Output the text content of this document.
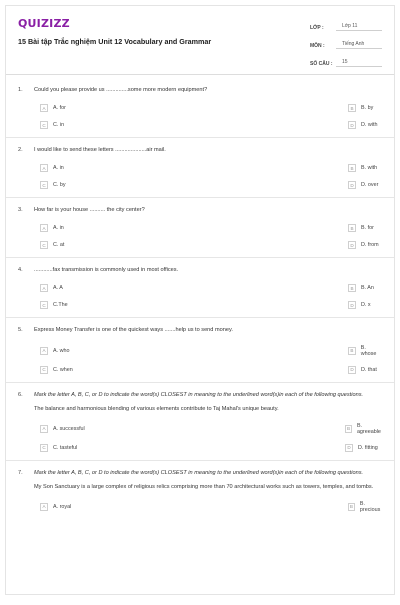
QUIZIZZ
15 Bài tập Trắc nghiệm Unit 12 Vocabulary and Grammar
LỚP :	Lớp 11
MÔN :	Tiếng Anh
SỐ CÂU :	15
1.	Could you please provide us ..............some more modern equipment?
A	A. for	B	B. by
C	C. in	D	D. with
2.	I would like to send these letters ....................air mail.
A	A. in	B	B. with
C	C. by	D	D. over
3.	How far is your house .......... the city center?
A	A. in	B	B. for
C	C. at	D	D. from
4.	............fax transmission is commonly used in most offices.
A	A. A	B	B. An
C	C.The	D	D. x
5.	Express Money Transfer is one of the quickest ways .......help us to send money.
A	A. who	B	B. whose
C	C. when	D	D. that
6.	Mark the letter A, B, C, or D to indicate the word(s) CLOSEST in meaning to the underlined word(s)in each of the following questions.
The balance and harmonious blending of various elements contribute to Taj Mahal's unique beauty.
A	A. successful	B	B. agreeable
C	C. tasteful	D	D. fitting
7.	Mark the letter A, B, C, or D to indicate the word(s) CLOSEST in meaning to the underlined word(s)in each of the following questions.
My Son Sanctuary is a large complex of religious relics comprising more than 70 architectural works such as towers, temples, and tombs.
A	A. royal	B	B. precious
